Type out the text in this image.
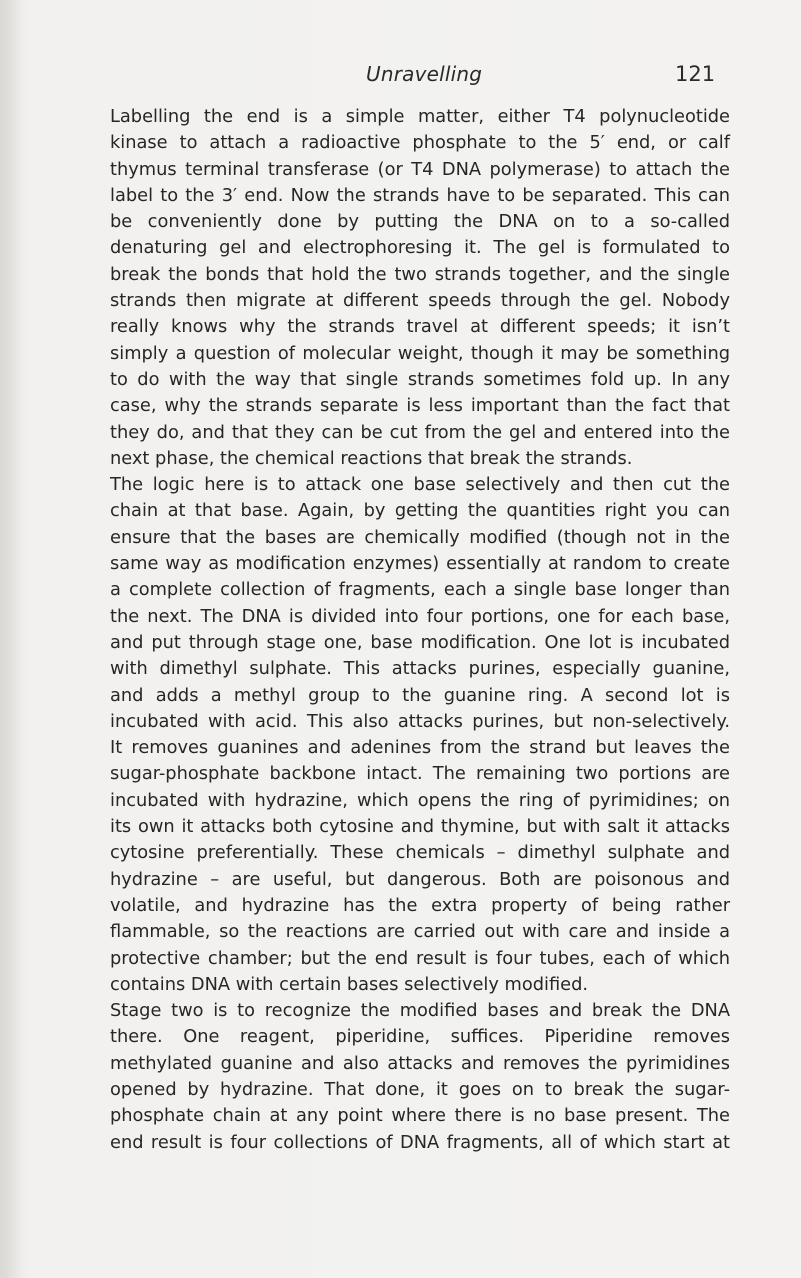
Unravelling	121
Labelling the end is a simple matter, either T4 polynucleotide
kinase to attach a radioactive phosphate to the 5′ end, or calf
thymus terminal transferase (or T4 DNA polymerase) to attach the
label to the 3′ end. Now the strands have to be separated. This can
be conveniently done by putting the DNA on to a so-called
denaturing gel and electrophoresing it. The gel is formulated to
break the bonds that hold the two strands together, and the single
strands then migrate at different speeds through the gel. Nobody
really knows why the strands travel at different speeds; it isn’t
simply a question of molecular weight, though it may be something
to do with the way that single strands sometimes fold up. In any
case, why the strands separate is less important than the fact that
they do, and that they can be cut from the gel and entered into the
next phase, the chemical reactions that break the strands.
The logic here is to attack one base selectively and then cut the
chain at that base. Again, by getting the quantities right you can
ensure that the bases are chemically modified (though not in the
same way as modification enzymes) essentially at random to create
a complete collection of fragments, each a single base longer than
the next. The DNA is divided into four portions, one for each base,
and put through stage one, base modification. One lot is incubated
with dimethyl sulphate. This attacks purines, especially guanine,
and adds a methyl group to the guanine ring. A second lot is
incubated with acid. This also attacks purines, but non-selectively.
It removes guanines and adenines from the strand but leaves the
sugar-phosphate backbone intact. The remaining two portions are
incubated with hydrazine, which opens the ring of pyrimidines; on
its own it attacks both cytosine and thymine, but with salt it attacks
cytosine preferentially. These chemicals – dimethyl sulphate and
hydrazine – are useful, but dangerous. Both are poisonous and
volatile, and hydrazine has the extra property of being rather
flammable, so the reactions are carried out with care and inside a
protective chamber; but the end result is four tubes, each of which
contains DNA with certain bases selectively modified.
Stage two is to recognize the modified bases and break the DNA
there. One reagent, piperidine, suffices. Piperidine removes
methylated guanine and also attacks and removes the pyrimidines
opened by hydrazine. That done, it goes on to break the sugar-
phosphate chain at any point where there is no base present. The
end result is four collections of DNA fragments, all of which start at
